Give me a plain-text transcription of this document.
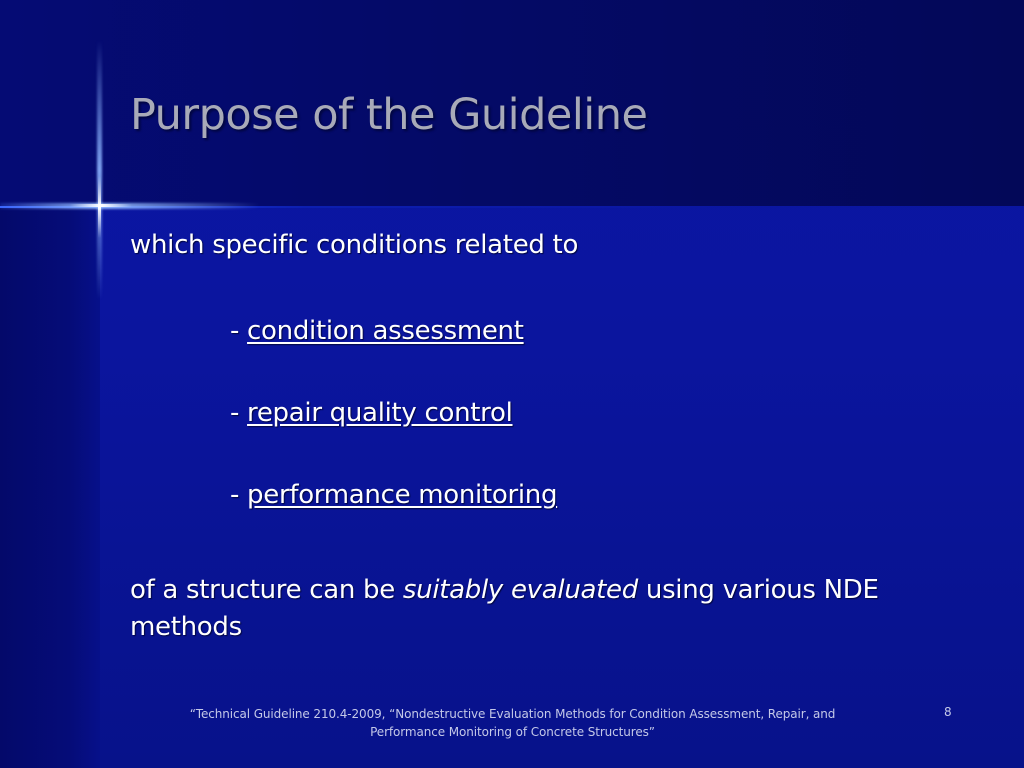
Purpose of the Guideline

which specific conditions related to

- condition assessment

- repair quality control

- performance monitoring

of a structure can be suitably evaluated using various NDE methods

“Technical Guideline 210.4-2009, “Nondestructive Evaluation Methods for Condition Assessment, Repair, and Performance Monitoring of Concrete Structures”
8
